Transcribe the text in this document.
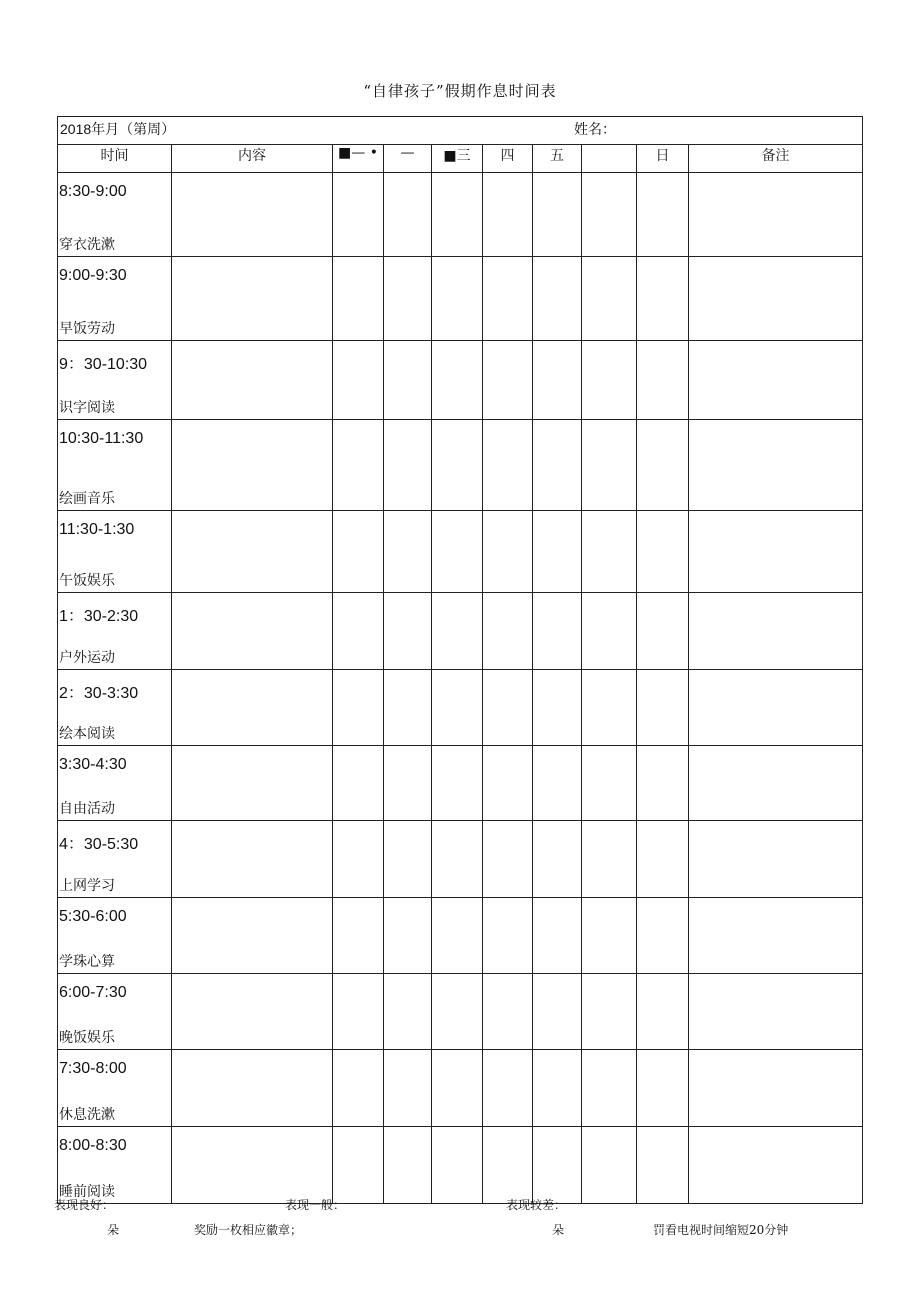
“自律孩子”假期作息时间表
2018年月（第周） 姓名：									

时间	内容	■— •	—	■三	四	五		日	备注

8:30-9:00
穿衣洗漱									

9:00-9:30
早饭劳动									

9：30-10:30
识字阅读									

10:30-11:30
绘画音乐									

11:30-1:30
午饭娱乐									

1：30-2:30
户外运动									

2：30-3:30
绘本阅读									

3:30-4:30
自由活动									

4：30-5:30
上网学习									

5:30-6:00
学珠心算									

6:00-7:30
晚饭娱乐									

7:30-8:00
休息洗漱									

8:00-8:30
睡前阅读									

表现良好：	表现一般：	表现较差：
朵	奖励一枚相应徽章；	朵	罚看电视时间缩短20分钟
